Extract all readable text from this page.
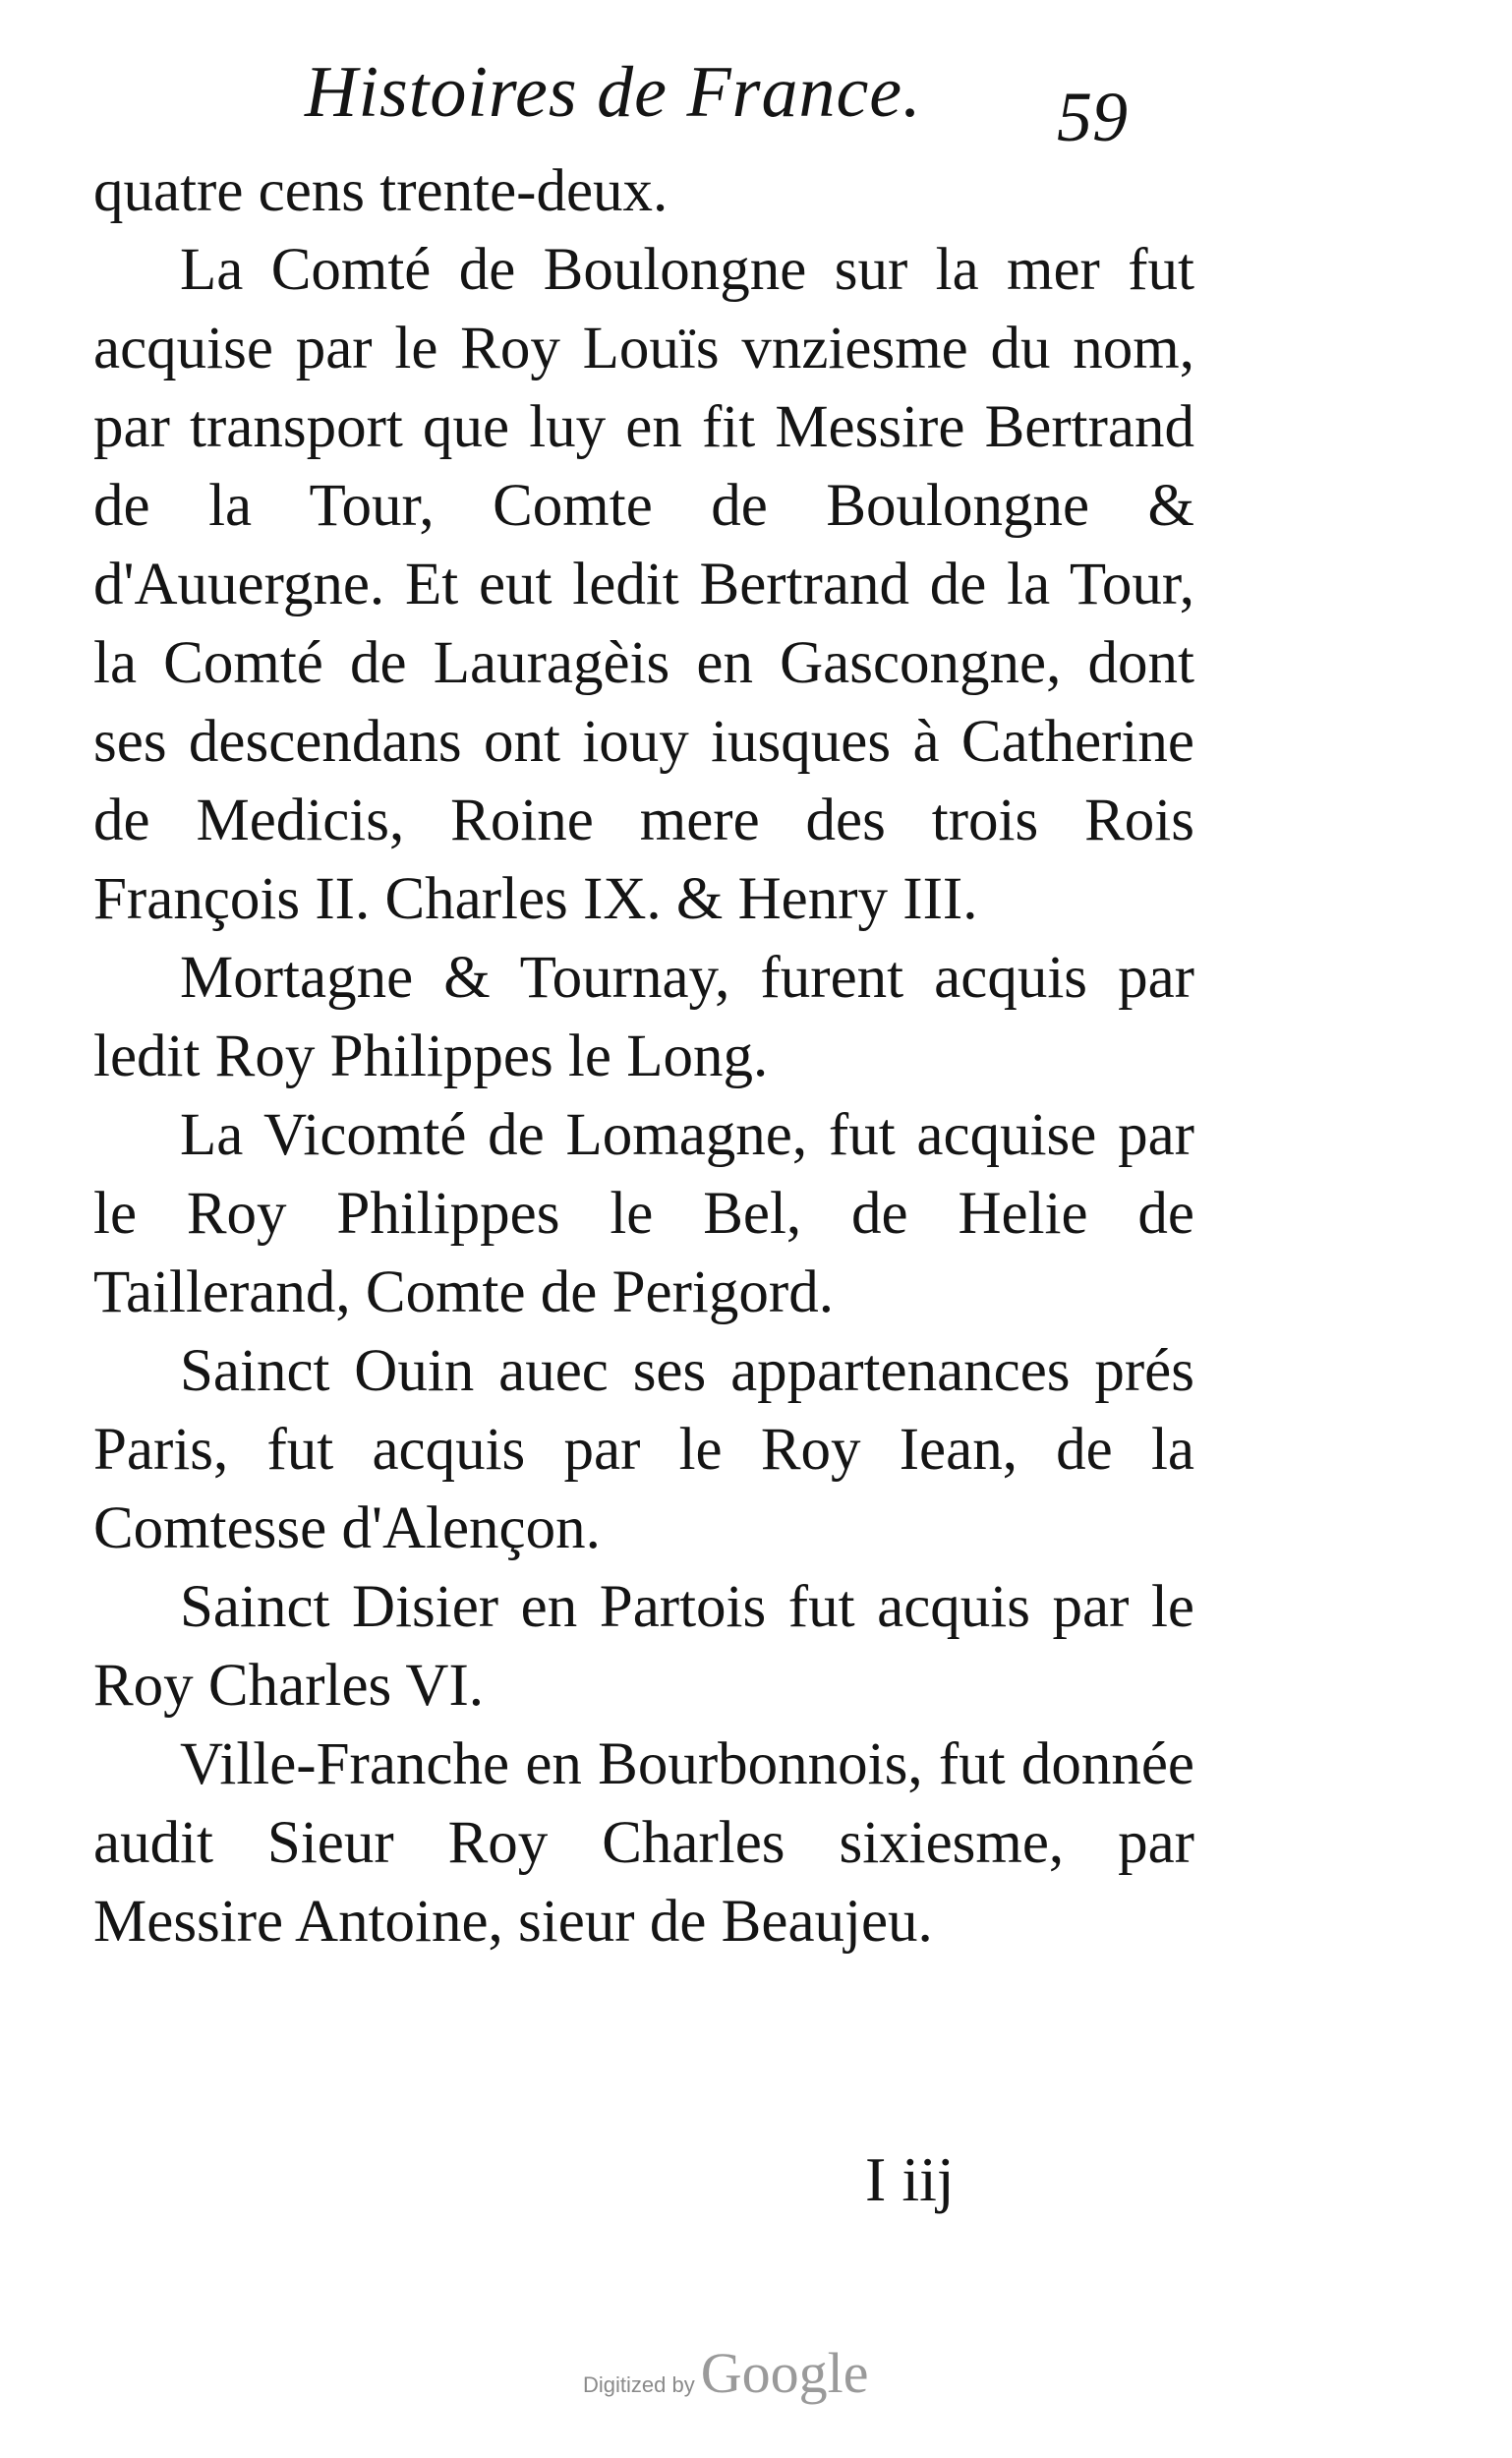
Histoires de France. 59

quatre cens trente-deux.

La Comté de Boulongne sur la mer fut acquise par le Roy Louïs vnziesme du nom, par transport que luy en fit Messire Bertrand de la Tour, Comte de Boulongne & d'Auuergne. Et eut ledit Bertrand de la Tour, la Comté de Lauragèis en Gascongne, dont ses descendans ont iouy iusques à Catherine de Medicis, Roine mere des trois Rois François II. Charles IX. & Henry III.

Mortagne & Tournay, furent acquis par ledit Roy Philippes le Long.

La Vicomté de Lomagne, fut acquise par le Roy Philippes le Bel, de Helie de Taillerand, Comte de Perigord.

Sainct Ouin auec ses appartenances prés Paris, fut acquis par le Roy Iean, de la Comtesse d'Alençon.

Sainct Disier en Partois fut acquis par le Roy Charles VI.

Ville-Franche en Bourbonnois, fut donnée audit Sieur Roy Charles sixiesme, par Messire Antoine, sieur de Beaujeu.

I iij
Digitized by Google
